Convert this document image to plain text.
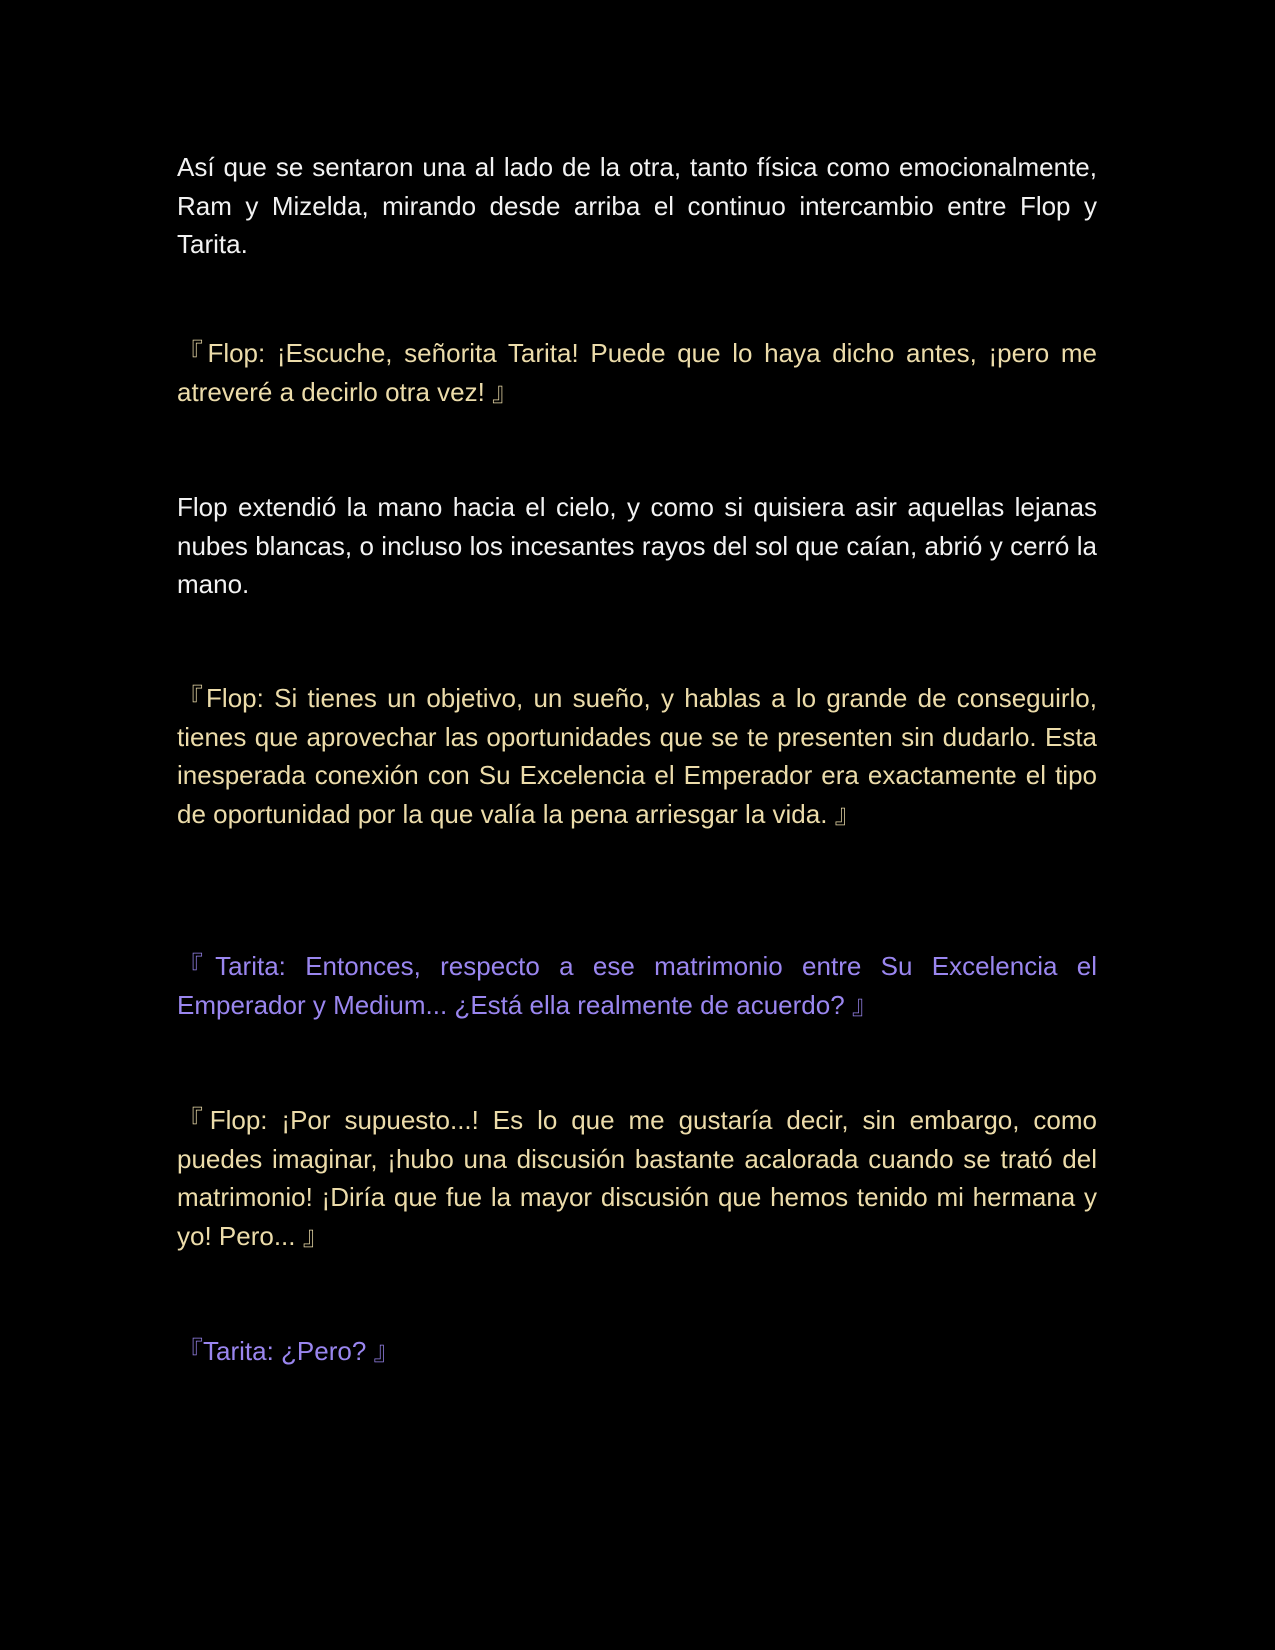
Así que se sentaron una al lado de la otra, tanto física como emocionalmente, Ram y Mizelda, mirando desde arriba el continuo intercambio entre Flop y Tarita.

『Flop: ¡Escuche, señorita Tarita! Puede que lo haya dicho antes, ¡pero me atreveré a decirlo otra vez! 』

Flop extendió la mano hacia el cielo, y como si quisiera asir aquellas lejanas nubes blancas, o incluso los incesantes rayos del sol que caían, abrió y cerró la mano.

『Flop: Si tienes un objetivo, un sueño, y hablas a lo grande de conseguirlo, tienes que aprovechar las oportunidades que se te presenten sin dudarlo. Esta inesperada conexión con Su Excelencia el Emperador era exactamente el tipo de oportunidad por la que valía la pena arriesgar la vida. 』

『Tarita: Entonces, respecto a ese matrimonio entre Su Excelencia el Emperador y Medium... ¿Está ella realmente de acuerdo? 』

『Flop: ¡Por supuesto...! Es lo que me gustaría decir, sin embargo, como puedes imaginar, ¡hubo una discusión bastante acalorada cuando se trató del matrimonio! ¡Diría que fue la mayor discusión que hemos tenido mi hermana y yo! Pero... 』

『Tarita: ¿Pero? 』
